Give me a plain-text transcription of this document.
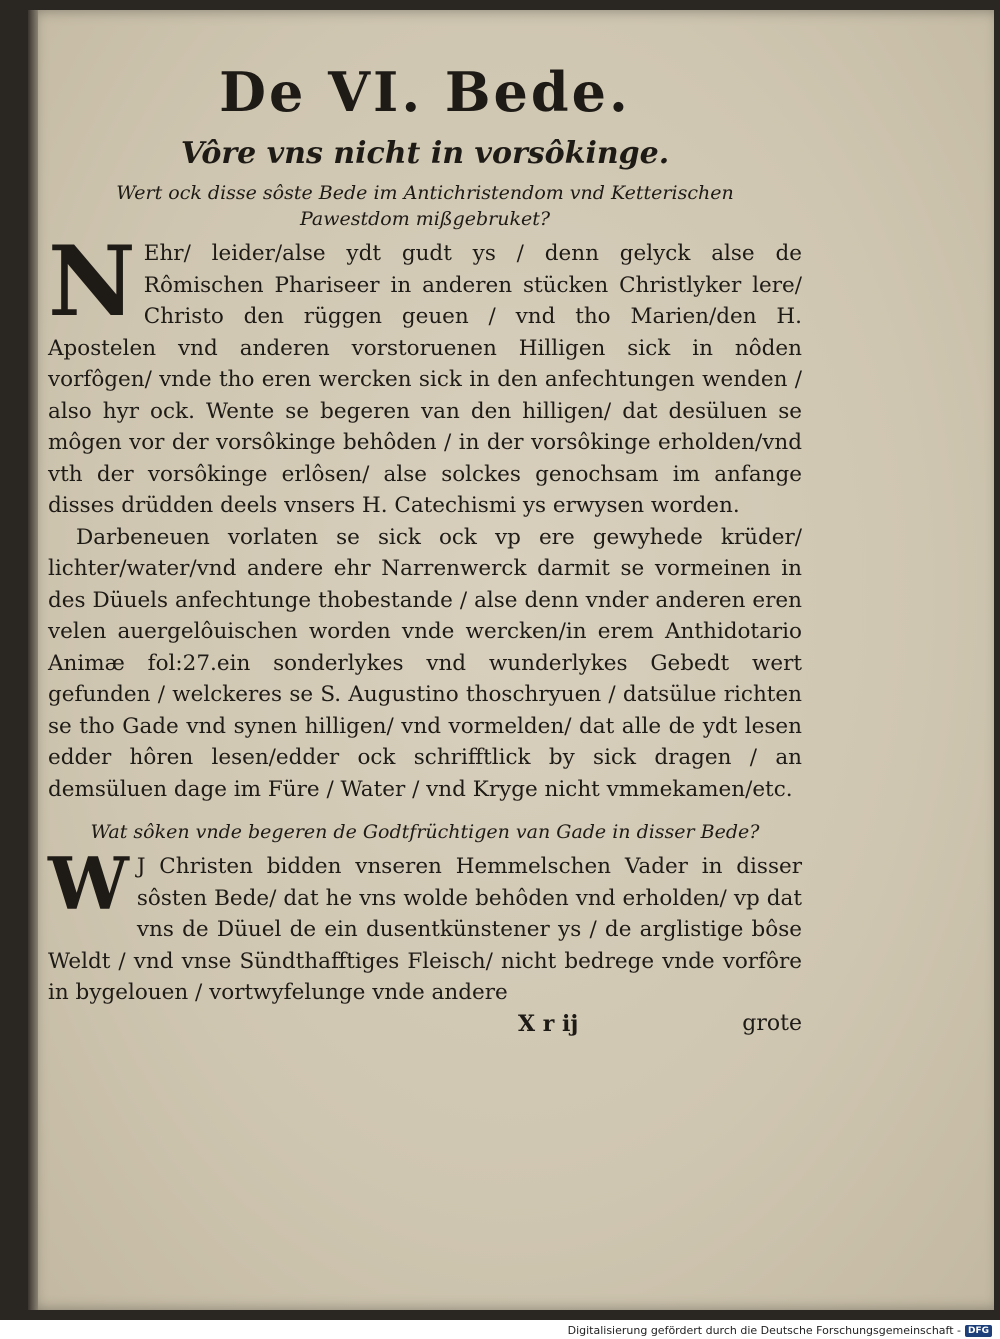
De VI. Bede.
Vôre vns nicht in vorsôkinge.
Wert ock disse sôste Bede im Antichristendom vnd Ketterischen Pawestdom mißgebruket?

N Ehr/ leider/alse ydt gudt ys / denn gelyck alse de Rômischen Phariseer in anderen stücken Christlyker lere/ Christo den rüggen geuen / vnd tho Marien/den H. Apostelen vnd anderen vorstoruenen Hilligen sick in nôden vorfôgen/ vnde tho eren wercken sick in den anfechtungen wenden / also hyr ock. Wente se begeren van den hilligen/ dat desüluen se môgen vor der vorsôkinge behôden / in der vorsôkinge erholden/vnd vth der vorsôkinge erlôsen/ alse solckes genochsam im anfange disses drüdden deels vnsers H. Catechismi ys erwysen worden.

Darbeneuen vorlaten se sick ock vp ere gewyhede krüder/ lichter/water/vnd andere ehr Narrenwerck darmit se vormeinen in des Düuels anfechtunge thobestande / alse denn vnder anderen eren velen auergelôuischen worden vnde wercken/in erem Anthidotario Animæ fol:27.ein sonderlykes vnd wunderlykes Gebedt wert gefunden / welckeres se S. Augustino thoschryuen / datsülue richten se tho Gade vnd synen hilligen/ vnd vormelden/ dat alle de ydt lesen edder hôren lesen/edder ock schrifftlick by sick dragen / an demsüluen dage im Füre / Water / vnd Kryge nicht vmmekamen/etc.

Wat sôken vnde begeren de Godtfrüchtigen van Gade in disser Bede?

W J Christen bidden vnseren Hemmelschen Vader in disser sôsten Bede/ dat he vns wolde behôden vnd erholden/ vp dat vns de Düuel de ein dusentkünstener ys / de arglistige bôse Weldt / vnd vnse Sündthafftiges Fleisch/ nicht bedrege vnde vorfôre in bygelouen / vortwyfelunge vnde andere

X r ij	grote
Digitalisierung gefördert durch die Deutsche Forschungsgemeinschaft - DFG
